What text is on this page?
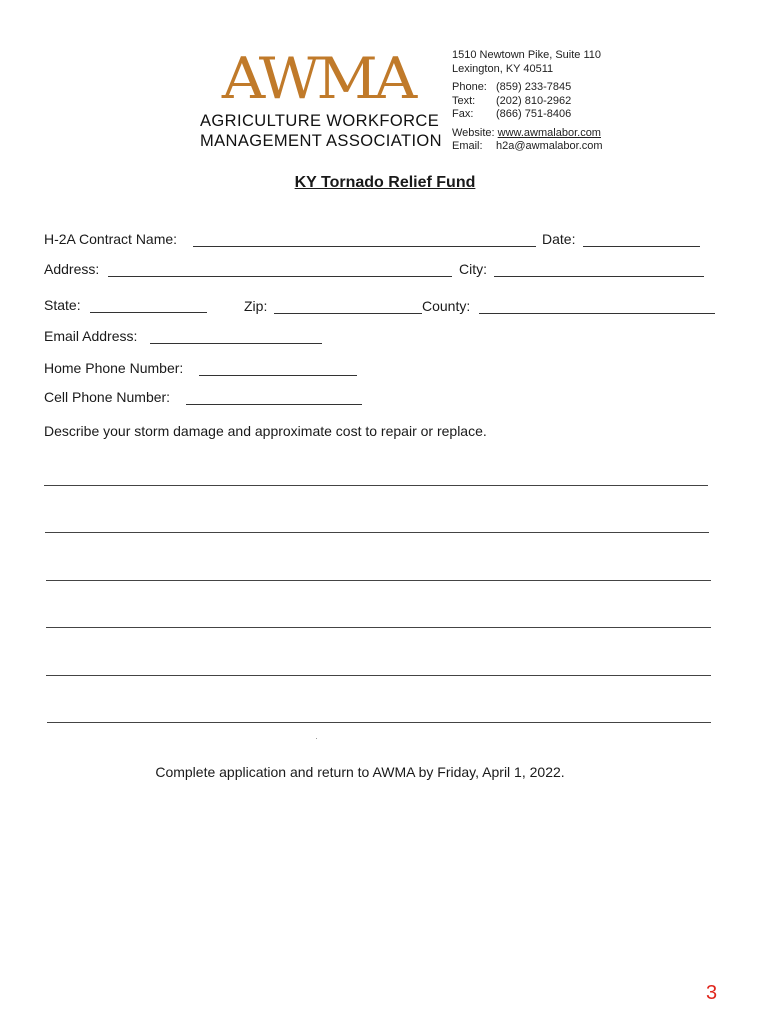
AWMA
AGRICULTURE WORKFORCE
MANAGEMENT ASSOCIATION
1510 Newtown Pike, Suite 110
Lexington, KY 40511
Phone: (859) 233-7845
Text: (202) 810-2962
Fax: (866) 751-8406
Website: www.awmalabor.com
Email: h2a@awmalabor.com
KY Tornado Relief Fund
H-2A Contract Name:	Date:
Address:	City:
State:	Zip:	County:
Email Address:
Home Phone Number:
Cell Phone Number:
Describe your storm damage and approximate cost to repair or replace.
Complete application and return to AWMA by Friday, April 1, 2022.
3
